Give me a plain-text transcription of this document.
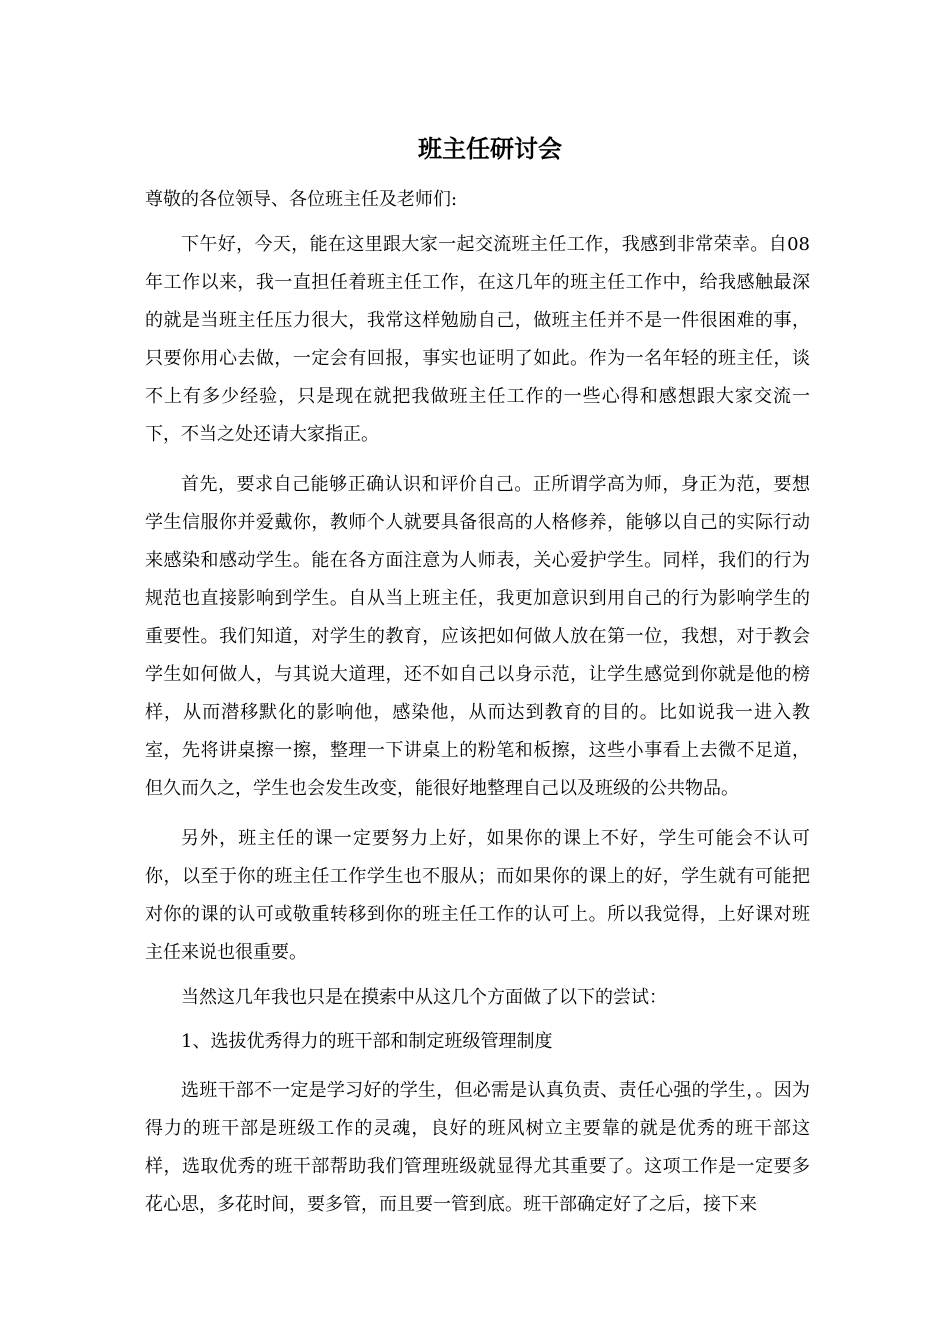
班主任研讨会

尊敬的各位领导、各位班主任及老师们:

下午好，今天，能在这里跟大家一起交流班主任工作，我感到非常荣幸。自08年工作以来，我一直担任着班主任工作，在这几年的班主任工作中，给我感触最深的就是当班主任压力很大，我常这样勉励自己，做班主任并不是一件很困难的事，只要你用心去做，一定会有回报，事实也证明了如此。作为一名年轻的班主任，谈不上有多少经验，只是现在就把我做班主任工作的一些心得和感想跟大家交流一下，不当之处还请大家指正。

首先，要求自己能够正确认识和评价自己。正所谓学高为师，身正为范，要想学生信服你并爱戴你，教师个人就要具备很高的人格修养，能够以自己的实际行动来感染和感动学生。能在各方面注意为人师表，关心爱护学生。同样，我们的行为规范也直接影响到学生。自从当上班主任，我更加意识到用自己的行为影响学生的重要性。我们知道，对学生的教育，应该把如何做人放在第一位，我想，对于教会学生如何做人，与其说大道理，还不如自己以身示范，让学生感觉到你就是他的榜样，从而潜移默化的影响他，感染他，从而达到教育的目的。比如说我一进入教室，先将讲桌擦一擦，整理一下讲桌上的粉笔和板擦，这些小事看上去微不足道，但久而久之，学生也会发生改变，能很好地整理自己以及班级的公共物品。

另外，班主任的课一定要努力上好，如果你的课上不好，学生可能会不认可你，以至于你的班主任工作学生也不服从；而如果你的课上的好，学生就有可能把对你的课的认可或敬重转移到你的班主任工作的认可上。所以我觉得，上好课对班主任来说也很重要。

当然这几年我也只是在摸索中从这几个方面做了以下的尝试：

1、选拔优秀得力的班干部和制定班级管理制度

选班干部不一定是学习好的学生，但必需是认真负责、责任心强的学生，。因为得力的班干部是班级工作的灵魂，良好的班风树立主要靠的就是优秀的班干部这样，选取优秀的班干部帮助我们管理班级就显得尤其重要了。这项工作是一定要多花心思，多花时间，要多管，而且要一管到底。班干部确定好了之后，接下来
